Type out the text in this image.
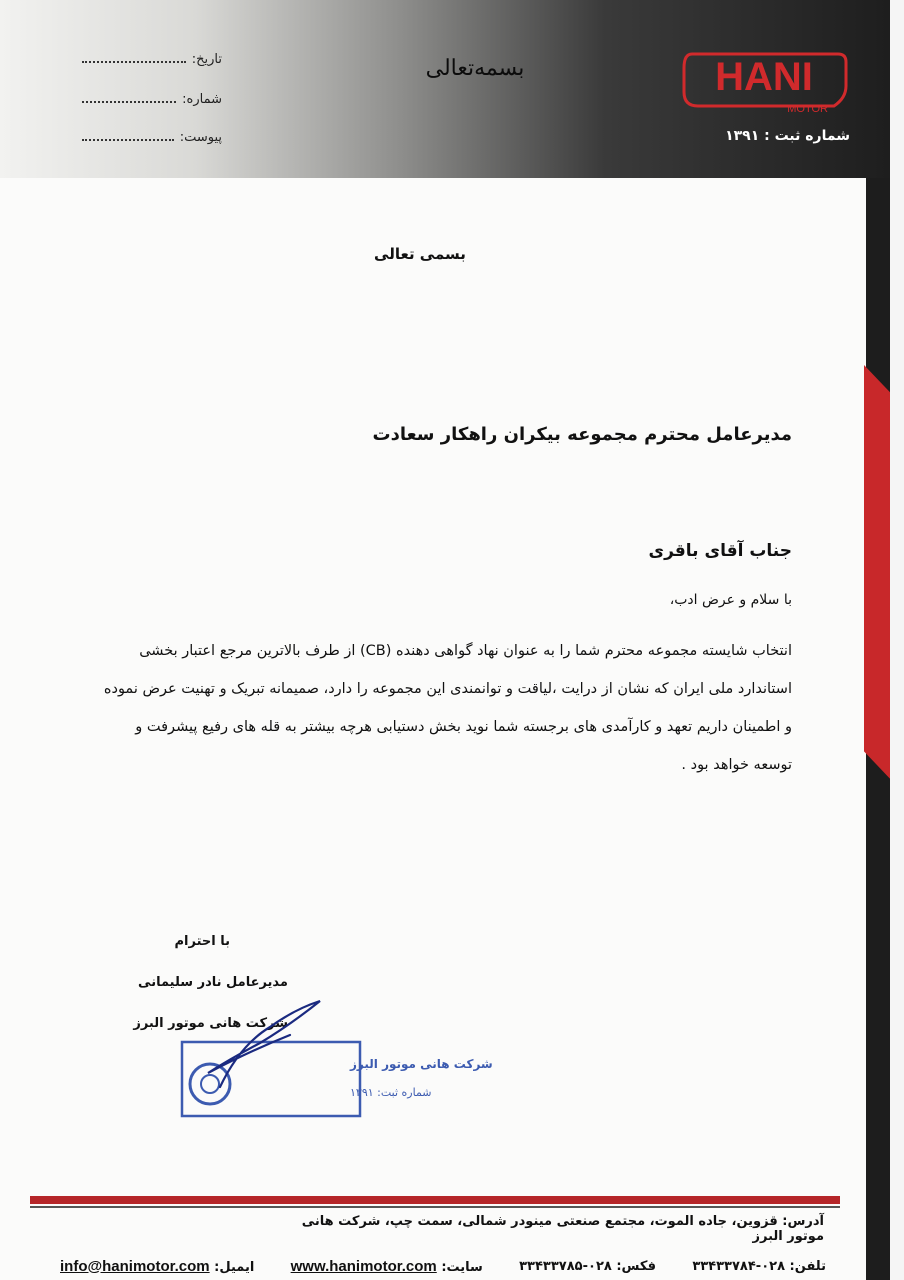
تاریخ:
شماره:
پیوست:
بسمه‌تعالی	HANI
MOTOR
شماره ثبت : ۱۳۹۱
بسمی تعالی
مدیرعامل محترم مجموعه بیکران راهکار سعادت
جناب آقای باقری
با سلام و عرض ادب،
انتخاب شایسته مجموعه محترم شما را به عنوان نهاد گواهی دهنده (CB) از طرف بالاترین مرجع اعتبار بخشی استاندارد ملی ایران که نشان از درایت ،لیاقت و توانمندی این مجموعه را دارد، صمیمانه تبریک و تهنیت عرض نموده و اطمینان داریم تعهد و کارآمدی های برجسته شما نوید بخش دستیابی هرچه بیشتر به قله های رفیع پیشرفت و توسعه خواهد بود .
با احترام
مدیرعامل نادر سلیمانی
شرکت هانی موتور البرز
شرکت هانی موتور البرز
شماره ثبت: ۱۳۹۱
آدرس: قزوین، جاده الموت، مجتمع صنعتی مینودر شمالی، سمت چپ، شرکت هانی موتور البرز
تلفن: ۰۲۸-۳۳۴۳۳۷۸۴
فکس: ۰۲۸-۳۳۴۳۳۷۸۵
سایت: www.hanimotor.com
ایمیل: info@hanimotor.com
